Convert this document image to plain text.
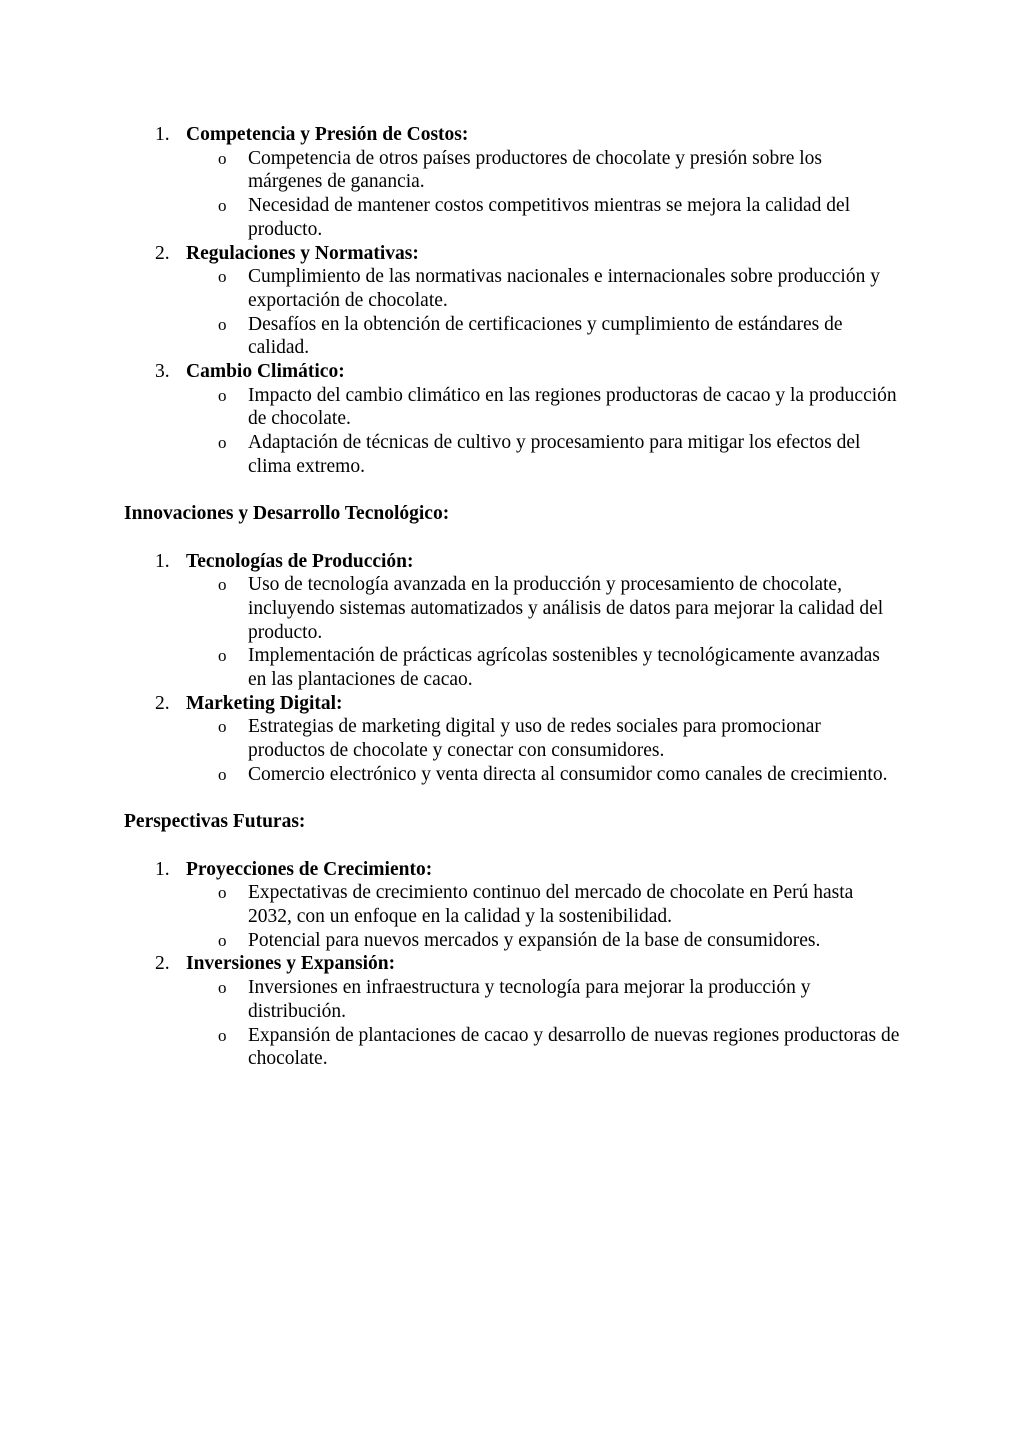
1. Competencia y Presión de Costos:
o Competencia de otros países productores de chocolate y presión sobre los márgenes de ganancia.
o Necesidad de mantener costos competitivos mientras se mejora la calidad del producto.
2. Regulaciones y Normativas:
o Cumplimiento de las normativas nacionales e internacionales sobre producción y exportación de chocolate.
o Desafíos en la obtención de certificaciones y cumplimiento de estándares de calidad.
3. Cambio Climático:
o Impacto del cambio climático en las regiones productoras de cacao y la producción de chocolate.
o Adaptación de técnicas de cultivo y procesamiento para mitigar los efectos del clima extremo.
Innovaciones y Desarrollo Tecnológico:
1. Tecnologías de Producción:
o Uso de tecnología avanzada en la producción y procesamiento de chocolate, incluyendo sistemas automatizados y análisis de datos para mejorar la calidad del producto.
o Implementación de prácticas agrícolas sostenibles y tecnológicamente avanzadas en las plantaciones de cacao.
2. Marketing Digital:
o Estrategias de marketing digital y uso de redes sociales para promocionar productos de chocolate y conectar con consumidores.
o Comercio electrónico y venta directa al consumidor como canales de crecimiento.
Perspectivas Futuras:
1. Proyecciones de Crecimiento:
o Expectativas de crecimiento continuo del mercado de chocolate en Perú hasta 2032, con un enfoque en la calidad y la sostenibilidad.
o Potencial para nuevos mercados y expansión de la base de consumidores.
2. Inversiones y Expansión:
o Inversiones en infraestructura y tecnología para mejorar la producción y distribución.
o Expansión de plantaciones de cacao y desarrollo de nuevas regiones productoras de chocolate.
